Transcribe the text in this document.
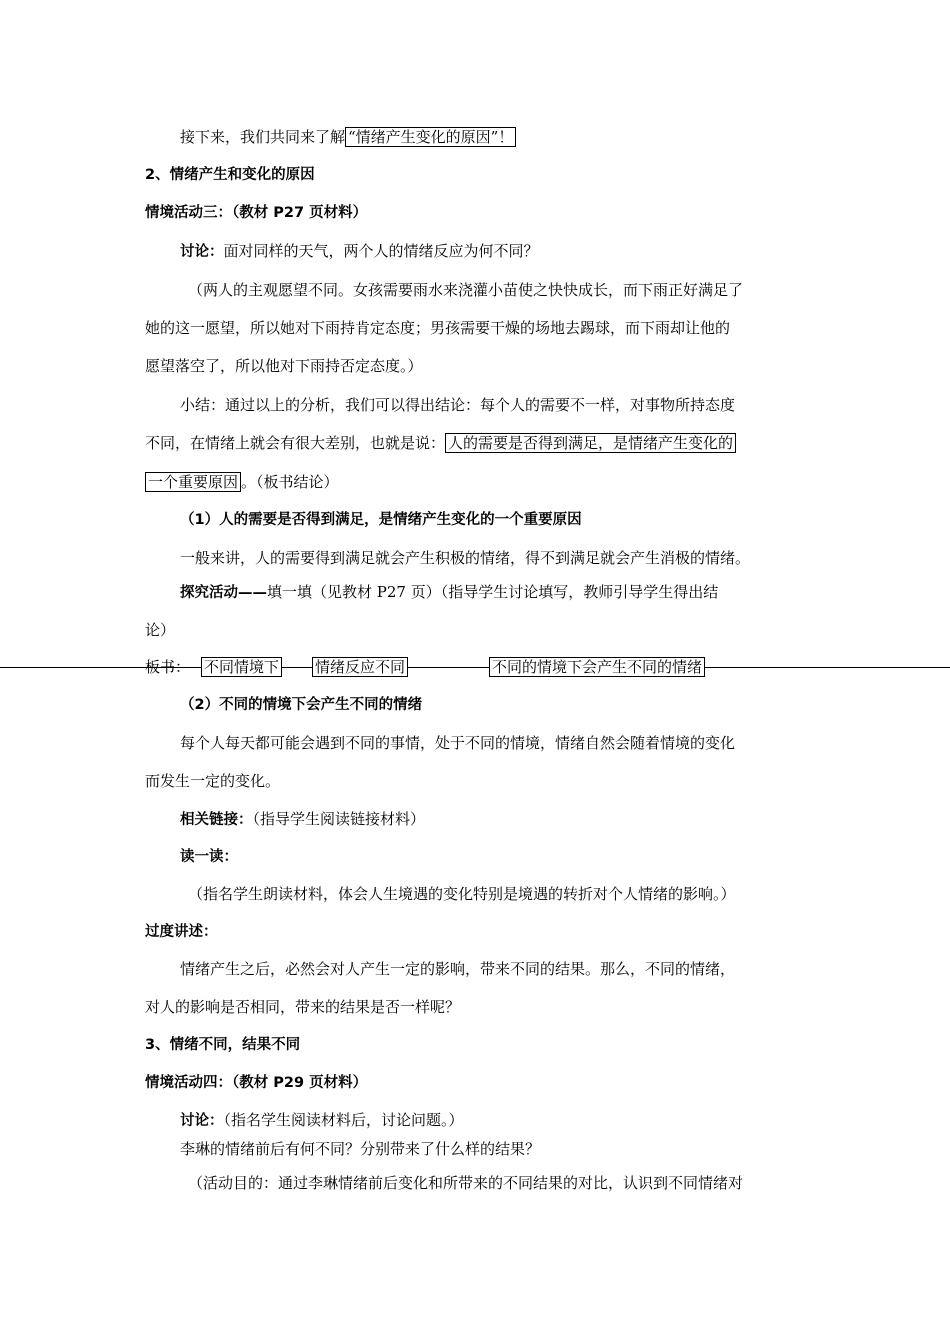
接下来，我们共同来了解 “情绪产生变化的原因”！
2、情绪产生和变化的原因
情境活动三：（教材 P27 页材料）
讨论：面对同样的天气，两个人的情绪反应为何不同？
（两人的主观愿望不同。女孩需要雨水来浇灌小苗使之快快成长，而下雨正好满足了
她的这一愿望，所以她对下雨持肯定态度；男孩需要干燥的场地去踢球，而下雨却让他的
愿望落空了，所以他对下雨持否定态度。）
小结：通过以上的分析，我们可以得出结论：每个人的需要不一样，对事物所持态度
不同，在情绪上就会有很大差别，也就是说： 人的需要是否得到满足，是情绪产生变化的
一个重要原因 。（板书结论）
（1）人的需要是否得到满足，是情绪产生变化的一个重要原因
一般来讲，人的需要得到满足就会产生积极的情绪，得不到满足就会产生消极的情绪。
探究活动——填一填（见教材 P27 页）（指导学生讨论填写，教师引导学生得出结
论）
板书： 不同情境下 情绪反应不同	不同的情境下会产生不同的情绪
（2）不同的情境下会产生不同的情绪
每个人每天都可能会遇到不同的事情，处于不同的情境，情绪自然会随着情境的变化
而发生一定的变化。
相关链接：（指导学生阅读链接材料）
读一读：
（指名学生朗读材料，体会人生境遇的变化特别是境遇的转折对个人情绪的影响。）
过度讲述：
情绪产生之后，必然会对人产生一定的影响，带来不同的结果。那么，不同的情绪，
对人的影响是否相同，带来的结果是否一样呢？
3、情绪不同，结果不同
情境活动四：（教材 P29 页材料）
讨论：（指名学生阅读材料后，讨论问题。）
李琳的情绪前后有何不同？分别带来了什么样的结果？
（活动目的：通过李琳情绪前后变化和所带来的不同结果的对比，认识到不同情绪对
